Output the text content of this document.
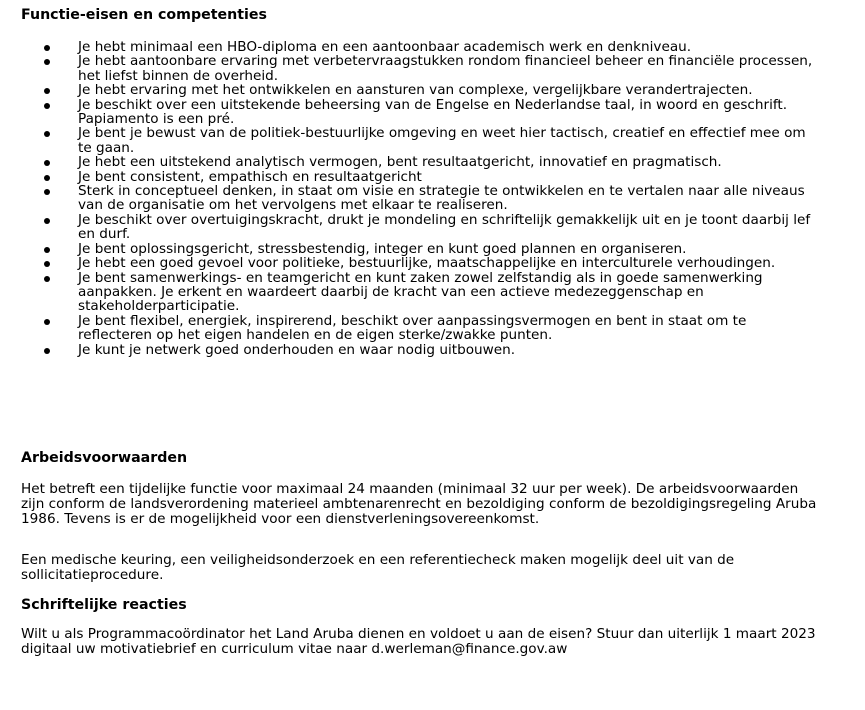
Functie-eisen en competenties
Je hebt minimaal een HBO-diploma en een aantoonbaar academisch werk en denkniveau.
Je hebt aantoonbare ervaring met verbetervraagstukken rondom financieel beheer en financiële processen, het liefst binnen de overheid.
Je hebt ervaring met het ontwikkelen en aansturen van complexe, vergelijkbare verandertrajecten.
Je beschikt over een uitstekende beheersing van de Engelse en Nederlandse taal, in woord en geschrift. Papiamento is een pré.
Je bent je bewust van de politiek-bestuurlijke omgeving en weet hier tactisch, creatief en effectief mee om te gaan.
Je hebt een uitstekend analytisch vermogen, bent resultaatgericht, innovatief en pragmatisch.
Je bent consistent, empathisch en resultaatgericht
Sterk in conceptueel denken, in staat om visie en strategie te ontwikkelen en te vertalen naar alle niveaus van de organisatie om het vervolgens met elkaar te realiseren.
Je beschikt over overtuigingskracht, drukt je mondeling en schriftelijk gemakkelijk uit en je toont daarbij lef en durf.
Je bent oplossingsgericht, stressbestendig, integer en kunt goed plannen en organiseren.
Je hebt een goed gevoel voor politieke, bestuurlijke, maatschappelijke en interculturele verhoudingen.
Je bent samenwerkings- en teamgericht en kunt zaken zowel zelfstandig als in goede samenwerking aanpakken. Je erkent en waardeert daarbij de kracht van een actieve medezeggenschap en stakeholderparticipatie.
Je bent flexibel, energiek, inspirerend, beschikt over aanpassingsvermogen en bent in staat om te reflecteren op het eigen handelen en de eigen sterke/zwakke punten.
Je kunt je netwerk goed onderhouden en waar nodig uitbouwen.
Arbeidsvoorwaarden

Het betreft een tijdelijke functie voor maximaal 24 maanden (minimaal 32 uur per week). De arbeidsvoorwaarden zijn conform de landsverordening materieel ambtenarenrecht en bezoldiging conform de bezoldigingsregeling Aruba 1986. Tevens is er de mogelijkheid voor een dienstverleningsovereenkomst.

Een medische keuring, een veiligheidsonderzoek en een referentiecheck maken mogelijk deel uit van de sollicitatieprocedure.

Schriftelijke reacties

Wilt u als Programmacoördinator het Land Aruba dienen en voldoet u aan de eisen? Stuur dan uiterlijk 1 maart 2023 digitaal uw motivatiebrief en curriculum vitae naar d.werleman@finance.gov.aw
